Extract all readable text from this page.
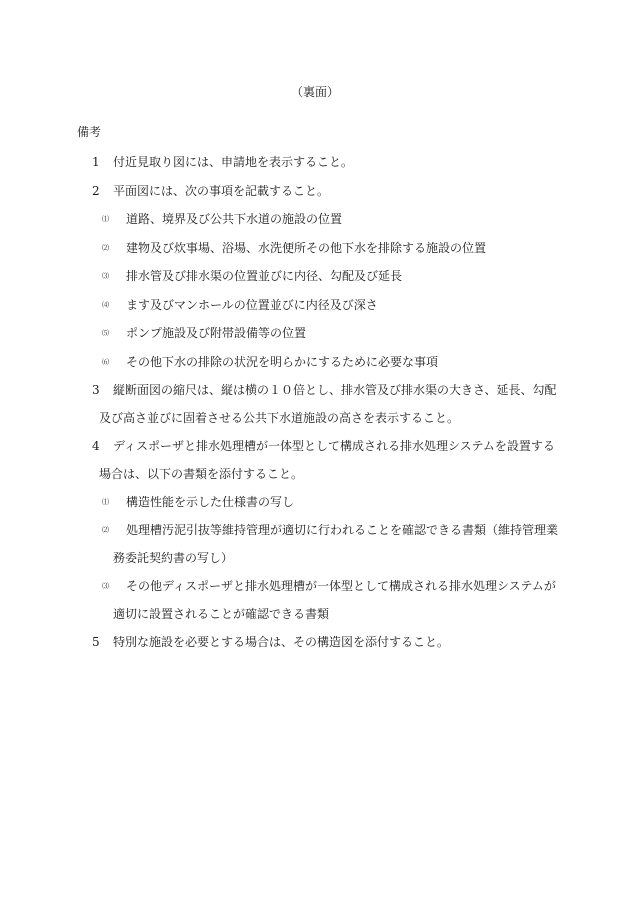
（裏面）
備考
1 付近見取り図には、申請地を表示すること。
2 平面図には、次の事項を記載すること。
⑴ 道路、境界及び公共下水道の施設の位置
⑵ 建物及び炊事場、浴場、水洗便所その他下水を排除する施設の位置
⑶ 排水管及び排水渠の位置並びに内径、勾配及び延長
⑷ ます及びマンホールの位置並びに内径及び深さ
⑸ ポンプ施設及び附帯設備等の位置
⑹ その他下水の排除の状況を明らかにするために必要な事項
3 縦断面図の縮尺は、縦は横の１０倍とし、排水管及び排水渠の大きさ、延長、勾配
及び高さ並びに固着させる公共下水道施設の高さを表示すること。
4 ディスポーザと排水処理槽が一体型として構成される排水処理システムを設置する
場合は、以下の書類を添付すること。
⑴ 構造性能を示した仕様書の写し
⑵ 処理槽汚泥引抜等維持管理が適切に行われることを確認できる書類（維持管理業
務委託契約書の写し）
⑶ その他ディスポーザと排水処理槽が一体型として構成される排水処理システムが
適切に設置されることが確認できる書類
5 特別な施設を必要とする場合は、その構造図を添付すること。
